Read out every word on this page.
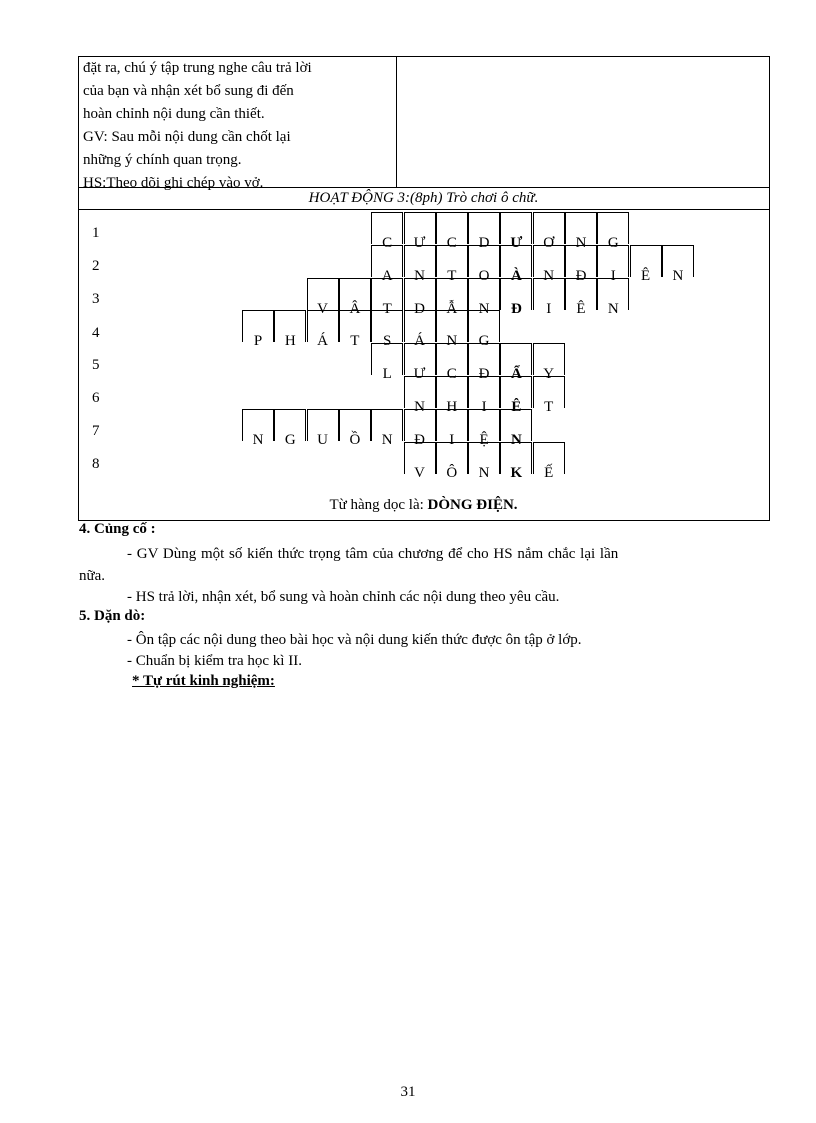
đặt ra, chú ý tập trung nghe câu trả lời
của bạn và nhận xét bổ sung đi đến
hoàn chỉnh nội dung cần thiết.
GV: Sau mỗi nội dung cần chốt lại
những ý chính quan trọng.
HS:Theo dõi ghi chép vào vở.
HOẠT ĐỘNG 3:(8ph) Trò chơi ô chữ.
1
2
3
4
5
6
7
8
C Ư C D Ư Ơ N G
A N T O À N Đ I Ê N
V Â T D Ẫ N Đ I Ê N
P H Á T S Á N G
L Ư C Đ Ẩ Y
N H I Ê T
N G U Ồ N Đ I Ệ N
V Ô N K Ế
Từ hàng dọc là: DÒNG ĐIỆN.
4. Củng cố :
- GV Dùng một số kiến thức trọng tâm của chương để cho HS nắm chắc lại lần
nữa.
- HS trả lời, nhận xét, bổ sung và hoàn chỉnh các nội dung theo yêu cầu.
5. Dặn dò:
- Ôn tập các nội dung theo bài học và nội dung kiến thức được ôn tập ở lớp.
- Chuẩn bị kiểm tra học kì II.
* Tự rút kinh nghiệm:
31
